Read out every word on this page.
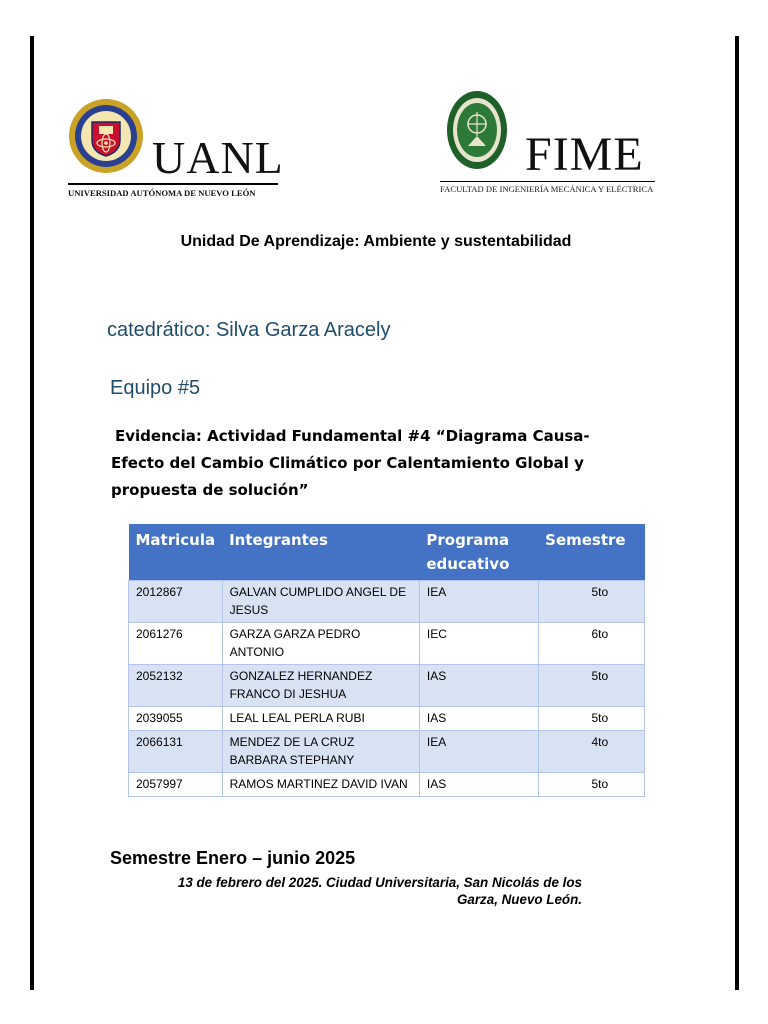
UANL
UNIVERSIDAD AUTÓNOMA DE NUEVO LEÓN
FIME
FACULTAD DE INGENIERÍA MECÁNICA Y ELÉCTRICA
Unidad De Aprendizaje: Ambiente y sustentabilidad
catedrático: Silva Garza Aracely
Equipo #5
Evidencia: Actividad Fundamental #4 “Diagrama Causa-
Efecto del Cambio Climático por Calentamiento Global y
propuesta de solución”
Matricula	Integrantes	Programa educativo	Semestre
2012867	GALVAN CUMPLIDO ANGEL DE JESUS	IEA	5to
2061276	GARZA GARZA PEDRO ANTONIO	IEC	6to
2052132	GONZALEZ HERNANDEZ FRANCO DI JESHUA	IAS	5to
2039055	LEAL LEAL PERLA RUBI	IAS	5to
2066131	MENDEZ DE LA CRUZ BARBARA STEPHANY	IEA	4to
2057997	RAMOS MARTINEZ DAVID IVAN	IAS	5to
Semestre Enero – junio 2025
13 de febrero del 2025. Ciudad Universitaria, San Nicolás de los
Garza, Nuevo León.
